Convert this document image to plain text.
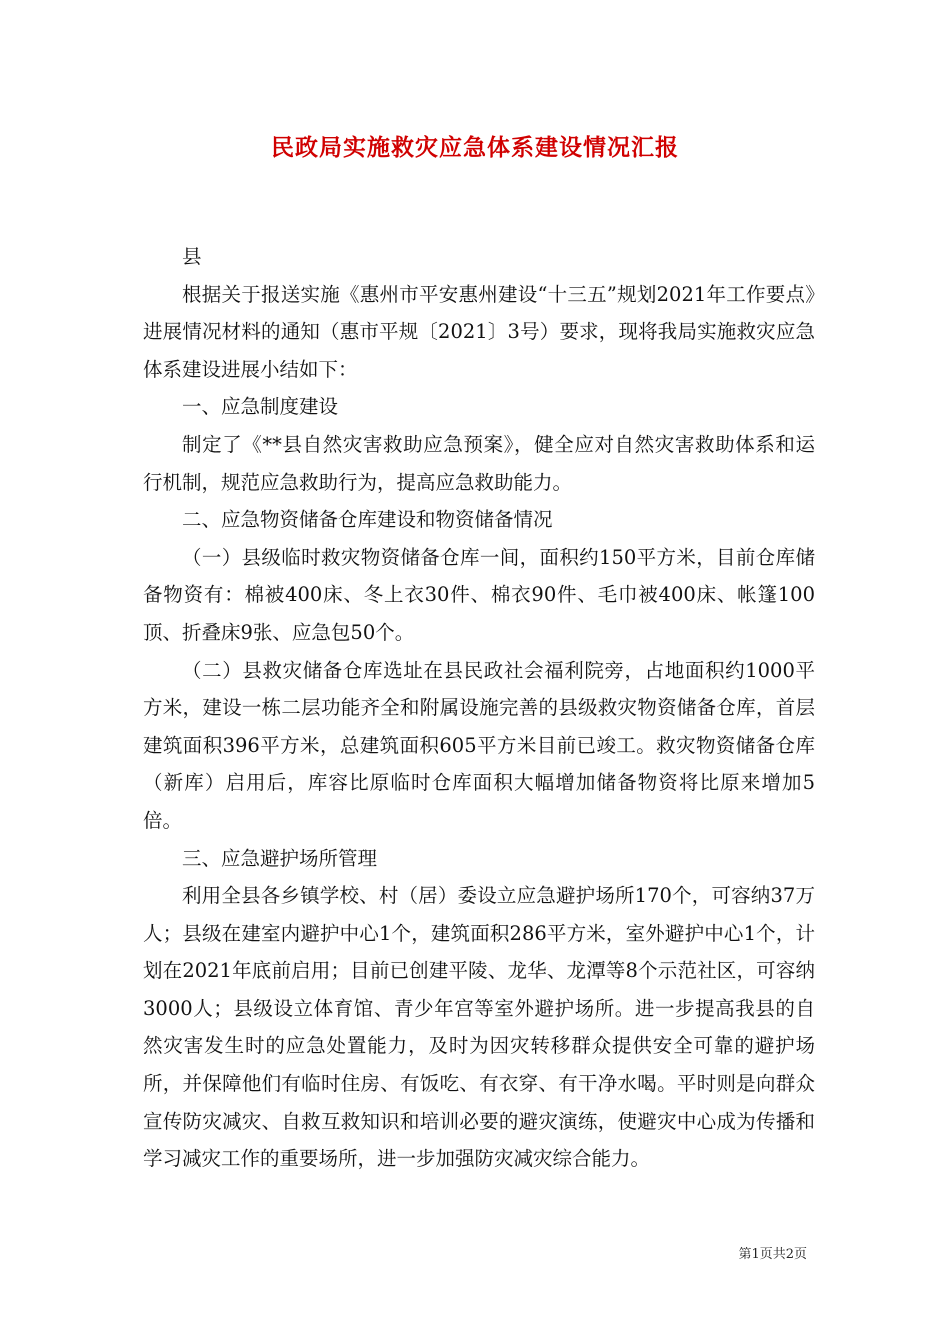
民政局实施救灾应急体系建设情况汇报

县

根据关于报送实施《惠州市平安惠州建设“十三五”规划2021年工作要点》进展情况材料的通知（惠市平规〔2021〕3号）要求，现将我局实施救灾应急体系建设进展小结如下：

一、应急制度建设

制定了《**县自然灾害救助应急预案》，健全应对自然灾害救助体系和运行机制，规范应急救助行为，提高应急救助能力。

二、应急物资储备仓库建设和物资储备情况

（一）县级临时救灾物资储备仓库一间，面积约150平方米，目前仓库储备物资有：棉被400床、冬上衣30件、棉衣90件、毛巾被400床、帐篷100顶、折叠床9张、应急包50个。

（二）县救灾储备仓库选址在县民政社会福利院旁，占地面积约1000平方米，建设一栋二层功能齐全和附属设施完善的县级救灾物资储备仓库，首层建筑面积396平方米，总建筑面积605平方米目前已竣工。救灾物资储备仓库（新库）启用后，库容比原临时仓库面积大幅增加储备物资将比原来增加5倍。

三、应急避护场所管理

利用全县各乡镇学校、村（居）委设立应急避护场所170个，可容纳37万人；县级在建室内避护中心1个，建筑面积286平方米，室外避护中心1个，计划在2021年底前启用；目前已创建平陵、龙华、龙潭等8个示范社区，可容纳3000人；县级设立体育馆、青少年宫等室外避护场所。进一步提高我县的自然灾害发生时的应急处置能力，及时为因灾转移群众提供安全可靠的避护场所，并保障他们有临时住房、有饭吃、有衣穿、有干净水喝。平时则是向群众宣传防灾减灾、自救互救知识和培训必要的避灾演练，使避灾中心成为传播和学习减灾工作的重要场所，进一步加强防灾减灾综合能力。

第1页共2页
